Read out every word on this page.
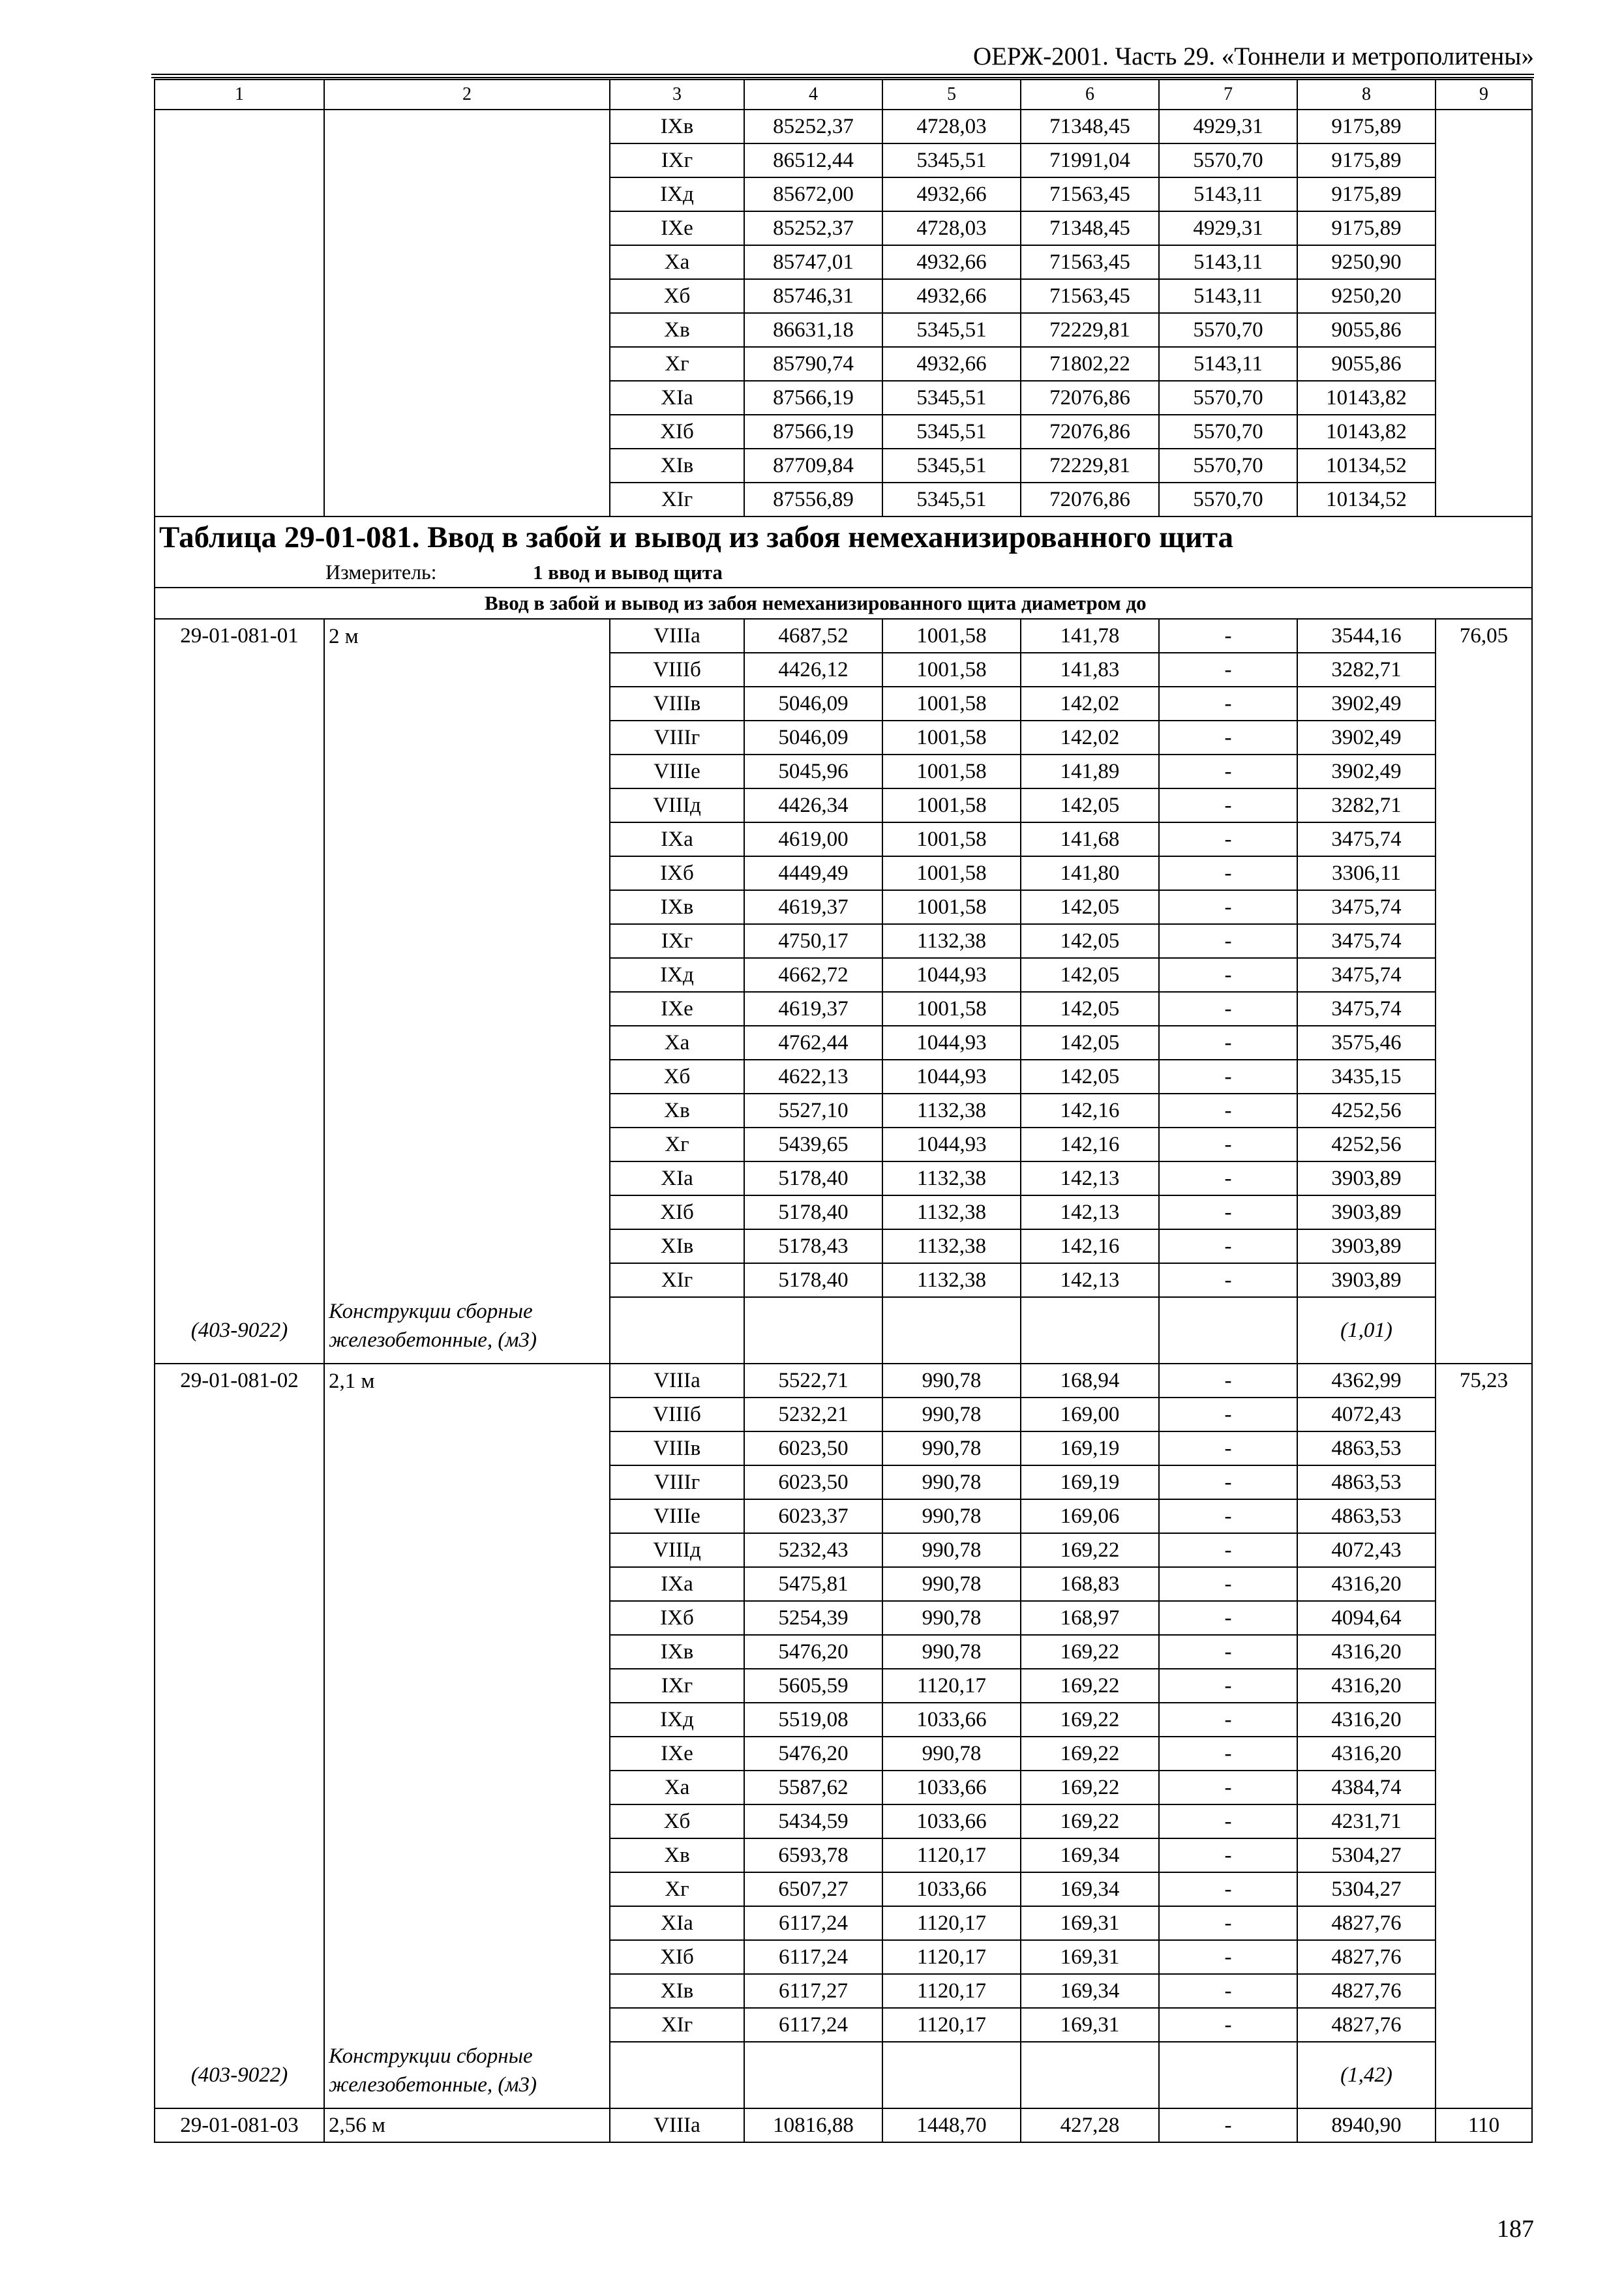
ОЕРЖ-2001. Часть 29. «Тоннели и метрополитены»
1	2	3	4	5	6	7	8	9
		IXв	85252,37	4728,03	71348,45	4929,31	9175,89	
		IXг	86512,44	5345,51	71991,04	5570,70	9175,89	
		IXд	85672,00	4932,66	71563,45	5143,11	9175,89	
		IXе	85252,37	4728,03	71348,45	4929,31	9175,89	
		Xa	85747,01	4932,66	71563,45	5143,11	9250,90	
		Xб	85746,31	4932,66	71563,45	5143,11	9250,20	
		Xв	86631,18	5345,51	72229,81	5570,70	9055,86	
		Xг	85790,74	4932,66	71802,22	5143,11	9055,86	
		XIa	87566,19	5345,51	72076,86	5570,70	10143,82	
		XIб	87566,19	5345,51	72076,86	5570,70	10143,82	
		XIв	87709,84	5345,51	72229,81	5570,70	10134,52	
		XIг	87556,89	5345,51	72076,86	5570,70	10134,52	
Таблица 29-01-081. Ввод в забой и вывод из забоя немеханизированного щита								
Измеритель: 1 ввод и вывод щита								
Ввод в забой и вывод из забоя немеханизированного щита диаметром до								
29-01-081-01	2 м	VIIIa	4687,52	1001,58	141,78	-	3544,16	76,05
		VIIIб	4426,12	1001,58	141,83	-	3282,71	
		VIIIв	5046,09	1001,58	142,02	-	3902,49	
		VIIIг	5046,09	1001,58	142,02	-	3902,49	
		VIIIе	5045,96	1001,58	141,89	-	3902,49	
		VIIIд	4426,34	1001,58	142,05	-	3282,71	
		IXa	4619,00	1001,58	141,68	-	3475,74	
		IXб	4449,49	1001,58	141,80	-	3306,11	
		IXв	4619,37	1001,58	142,05	-	3475,74	
		IXг	4750,17	1132,38	142,05	-	3475,74	
		IXд	4662,72	1044,93	142,05	-	3475,74	
		IXе	4619,37	1001,58	142,05	-	3475,74	
		Xa	4762,44	1044,93	142,05	-	3575,46	
		Xб	4622,13	1044,93	142,05	-	3435,15	
		Xв	5527,10	1132,38	142,16	-	4252,56	
		Xг	5439,65	1044,93	142,16	-	4252,56	
		XIa	5178,40	1132,38	142,13	-	3903,89	
		XIб	5178,40	1132,38	142,13	-	3903,89	
		XIв	5178,43	1132,38	142,16	-	3903,89	
		XIг	5178,40	1132,38	142,13	-	3903,89	
(403-9022)	Конструкции сборные железобетонные, (м3)						(1,01)	
29-01-081-02	2,1 м	VIIIa	5522,71	990,78	168,94	-	4362,99	75,23
		VIIIб	5232,21	990,78	169,00	-	4072,43	
		VIIIв	6023,50	990,78	169,19	-	4863,53	
		VIIIг	6023,50	990,78	169,19	-	4863,53	
		VIIIе	6023,37	990,78	169,06	-	4863,53	
		VIIIд	5232,43	990,78	169,22	-	4072,43	
		IXa	5475,81	990,78	168,83	-	4316,20	
		IXб	5254,39	990,78	168,97	-	4094,64	
		IXв	5476,20	990,78	169,22	-	4316,20	
		IXг	5605,59	1120,17	169,22	-	4316,20	
		IXд	5519,08	1033,66	169,22	-	4316,20	
		IXе	5476,20	990,78	169,22	-	4316,20	
		Xa	5587,62	1033,66	169,22	-	4384,74	
		Xб	5434,59	1033,66	169,22	-	4231,71	
		Xв	6593,78	1120,17	169,34	-	5304,27	
		Xг	6507,27	1033,66	169,34	-	5304,27	
		XIa	6117,24	1120,17	169,31	-	4827,76	
		XIб	6117,24	1120,17	169,31	-	4827,76	
		XIв	6117,27	1120,17	169,34	-	4827,76	
		XIг	6117,24	1120,17	169,31	-	4827,76	
(403-9022)	Конструкции сборные железобетонные, (м3)						(1,42)	
29-01-081-03	2,56 м	VIIIa	10816,88	1448,70	427,28	-	8940,90	110
187
